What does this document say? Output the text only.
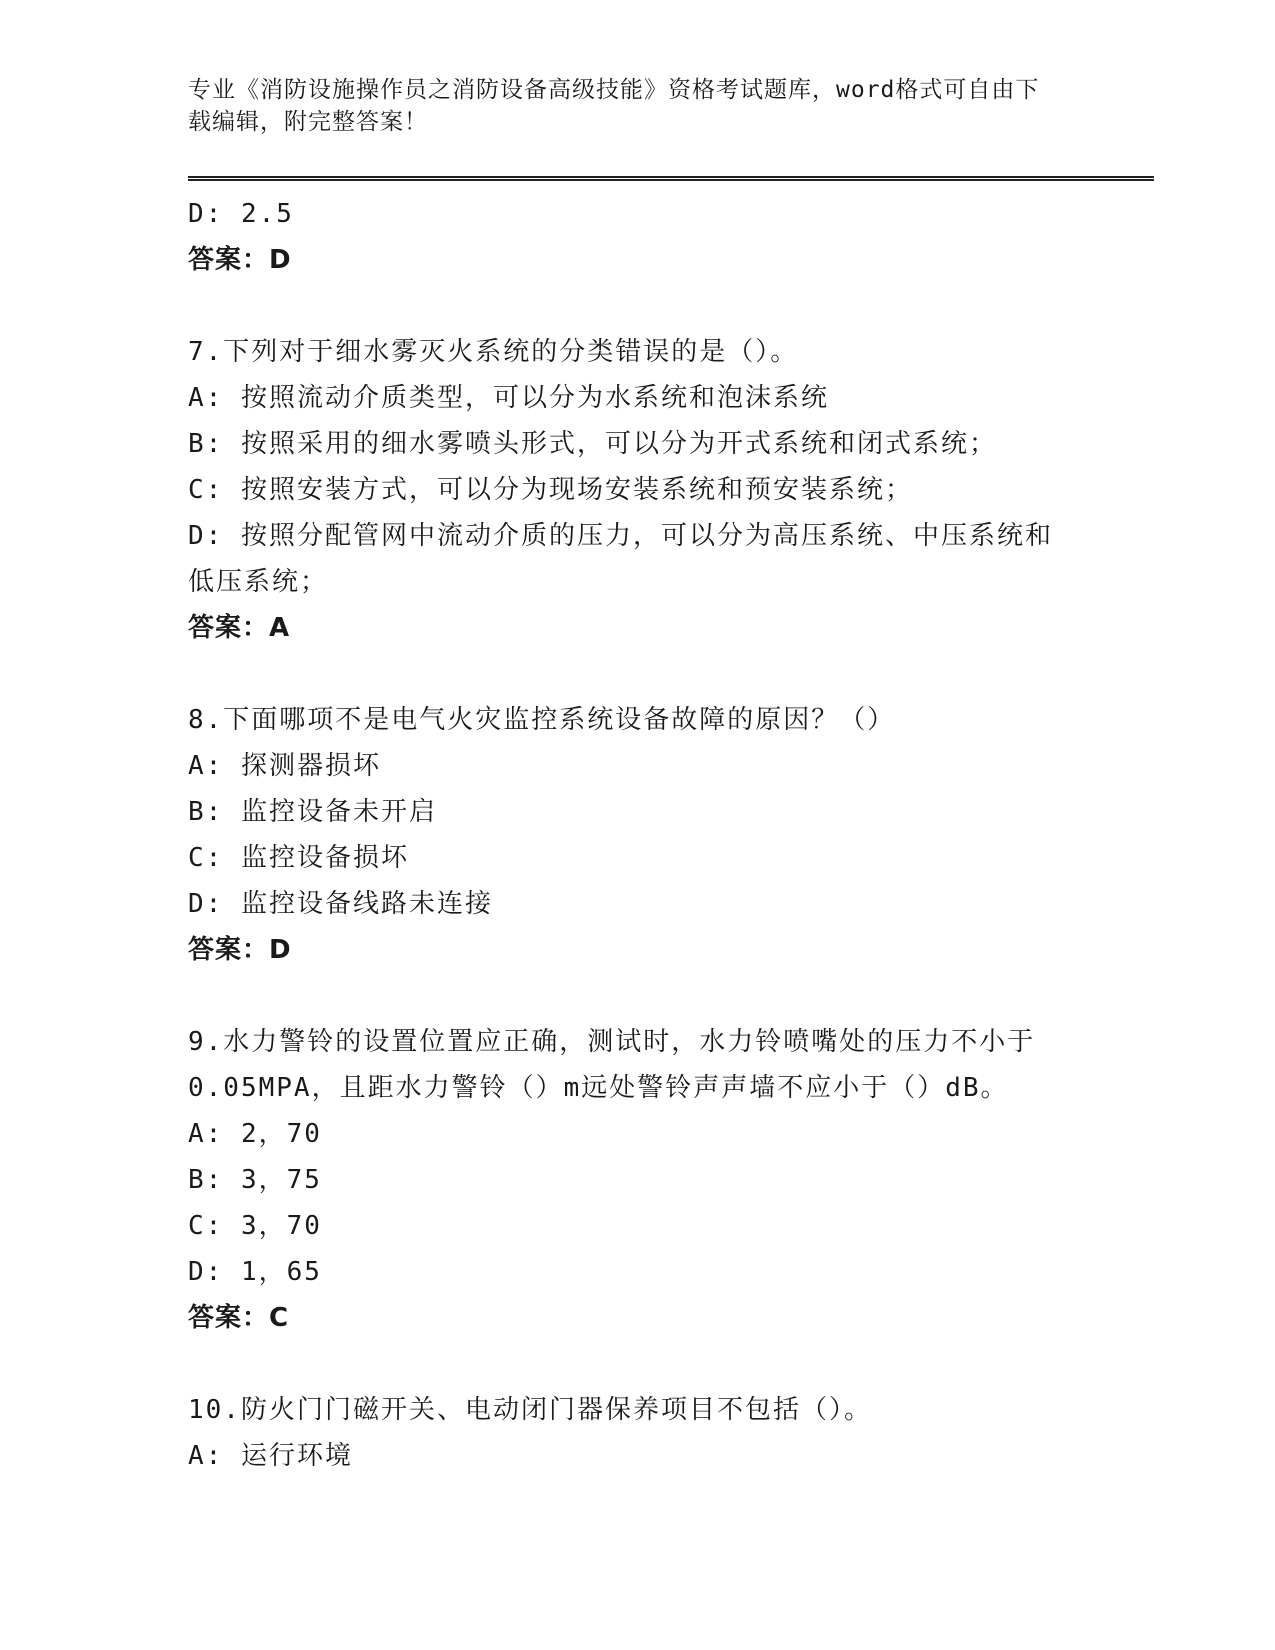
专业《消防设施操作员之消防设备高级技能》资格考试题库，word格式可自由下
载编辑，附完整答案！
D: 2.5
答案：D
7.下列对于细水雾灭火系统的分类错误的是（）。
A: 按照流动介质类型，可以分为水系统和泡沫系统
B: 按照采用的细水雾喷头形式，可以分为开式系统和闭式系统；
C: 按照安装方式，可以分为现场安装系统和预安装系统；
D: 按照分配管网中流动介质的压力，可以分为高压系统、中压系统和
低压系统；
答案：A
8.下面哪项不是电气火灾监控系统设备故障的原因？（）
A: 探测器损坏
B: 监控设备未开启
C: 监控设备损坏
D: 监控设备线路未连接
答案：D
9.水力警铃的设置位置应正确，测试时，水力铃喷嘴处的压力不小于
0.05MPA，且距水力警铃（）m远处警铃声声墙不应小于（）dB。
A: 2，70
B: 3，75
C: 3，70
D: 1，65
答案：C
10.防火门门磁开关、电动闭门器保养项目不包括（）。
A: 运行环境
